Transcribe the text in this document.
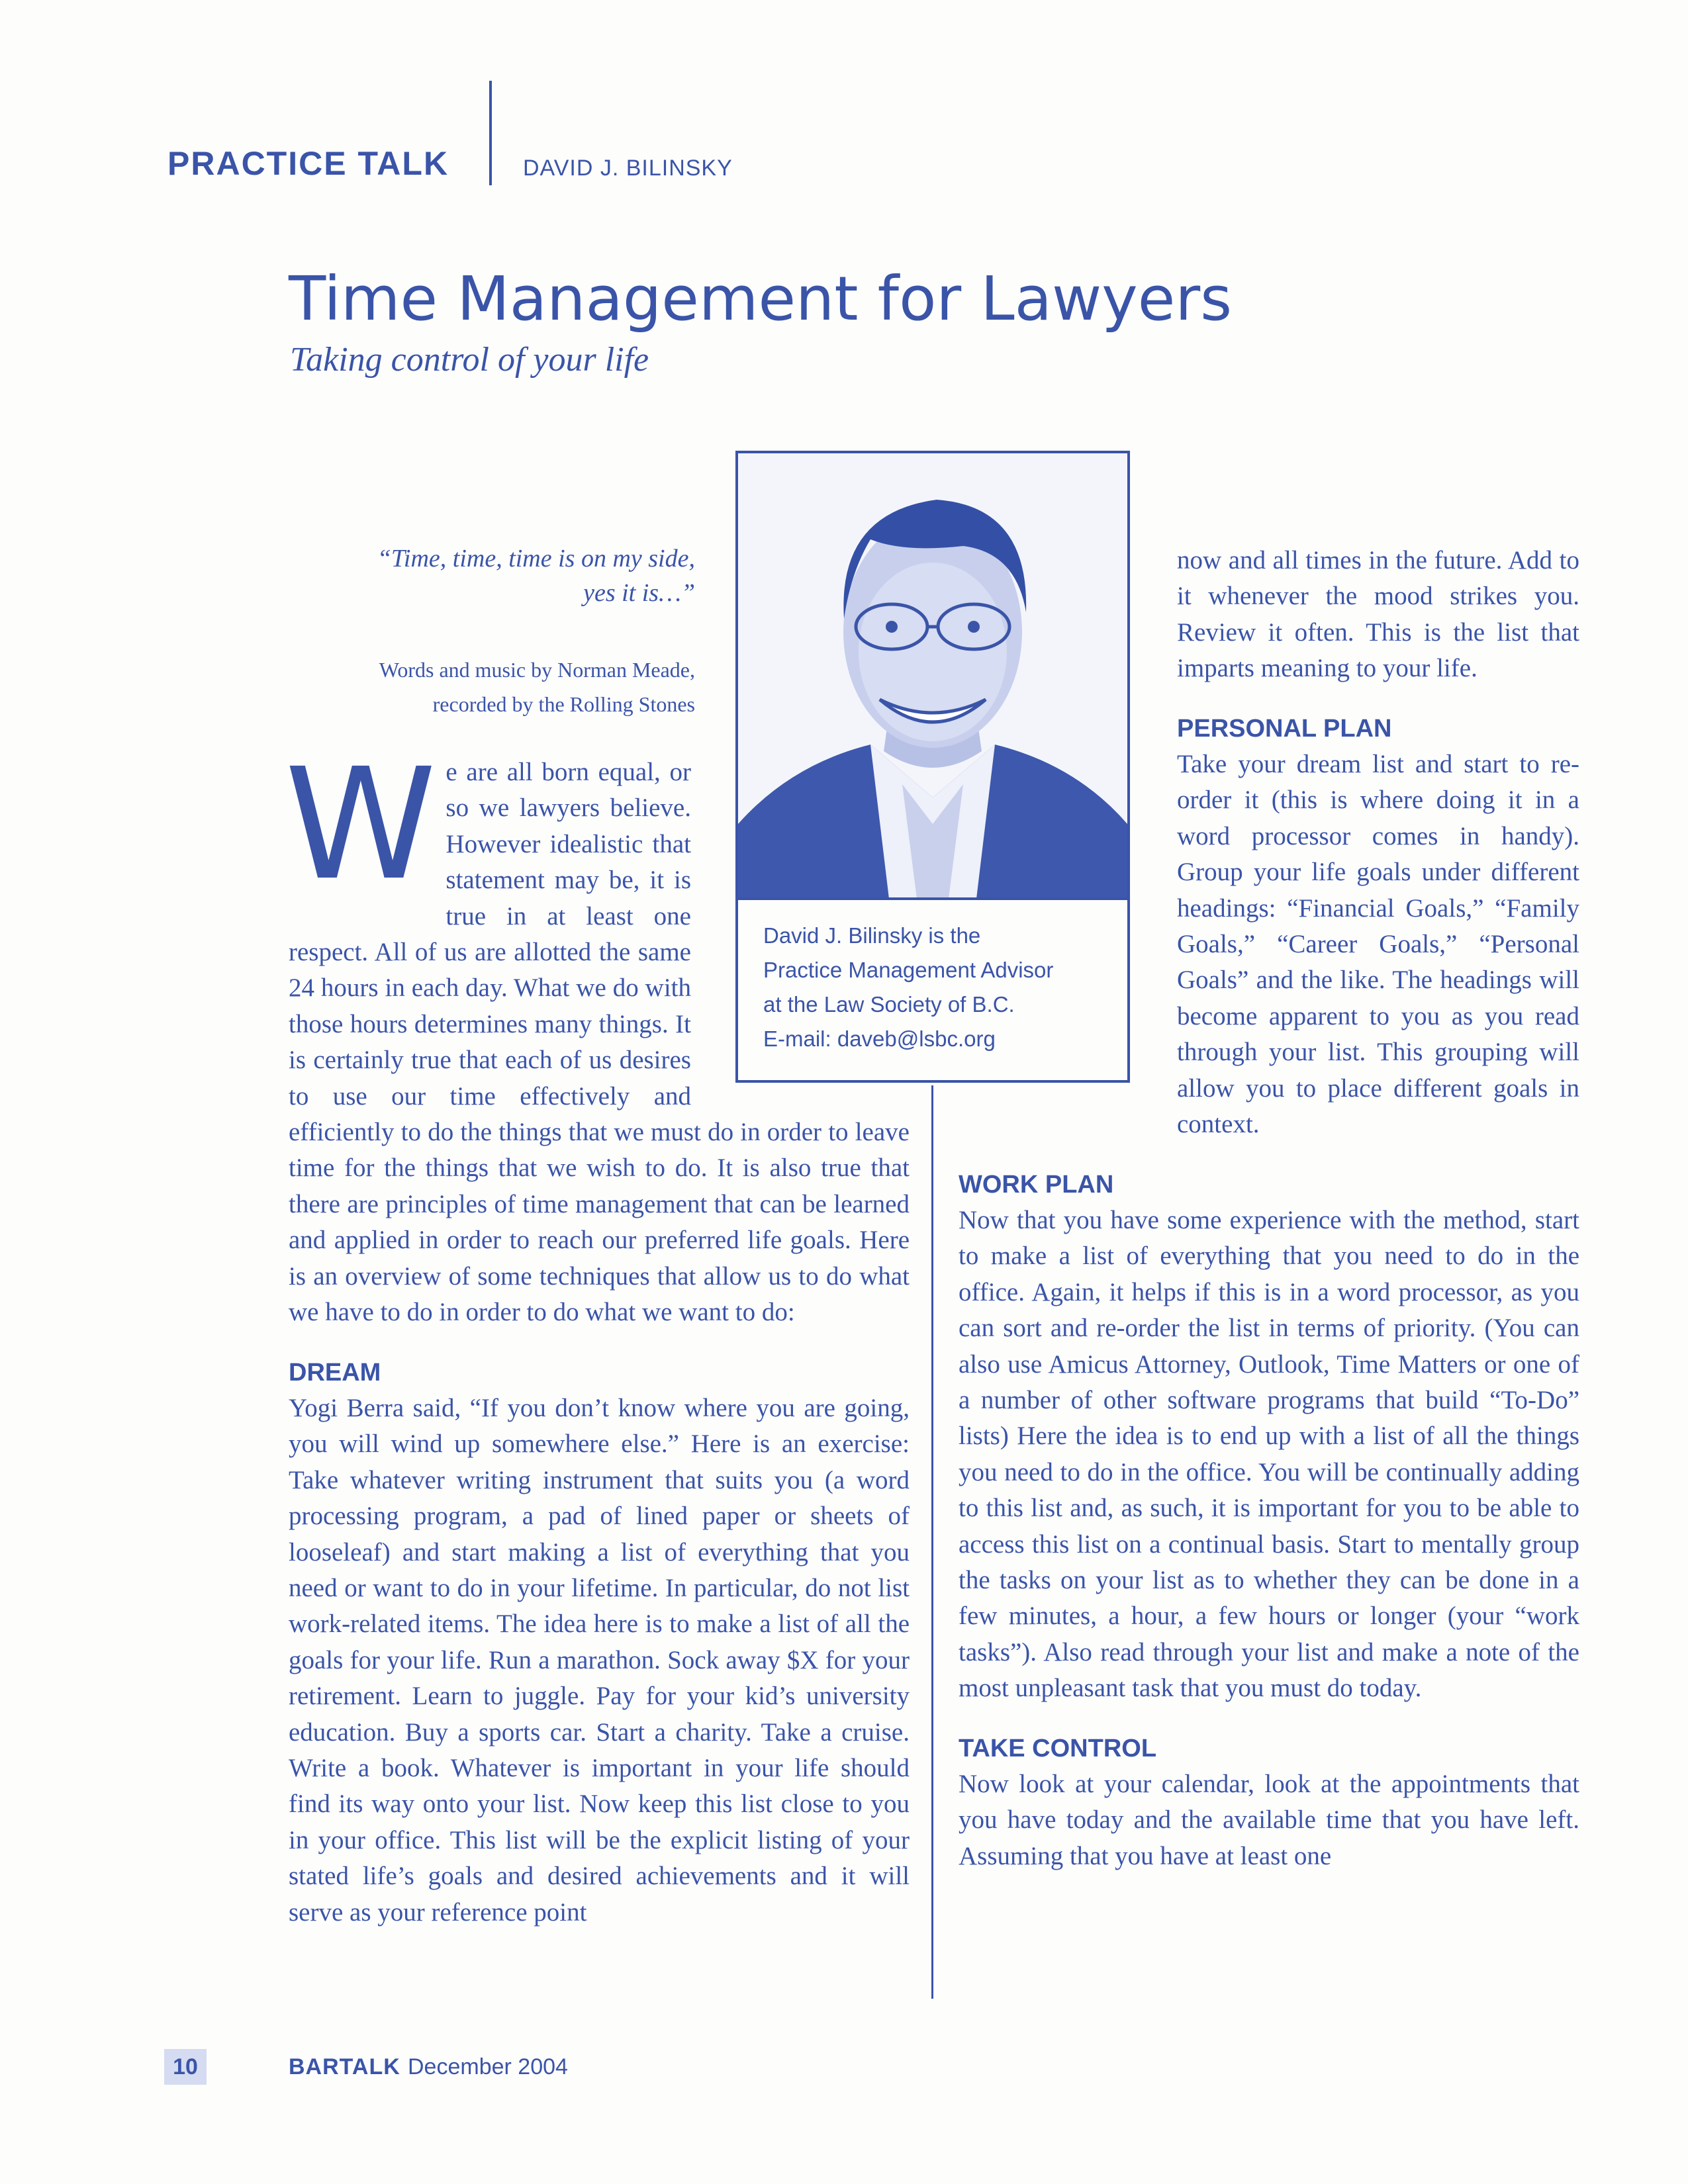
PRACTICE TALK	DAVID J. BILINSKY
Time Management for Lawyers
Taking control of your life
“Time, time, time is on my side,
yes it is…”
Words and music by Norman Meade,
recorded by the Rolling Stones
David J. Bilinsky is the
Practice Management Advisor
at the Law Society of B.C.
E-mail: daveb@lsbc.org
W e are all born equal, or so we lawyers believe. However idealistic that statement may be, it is true in at least one respect. All of us are allotted the same 24 hours in each day. What we do with those hours determines many things. It is certainly true that each of us desires to use our time effectively and efficiently to do the things that we must do in order to leave time for the things that we wish to do. It is also true that there are principles of time management that can be learned and applied in order to reach our preferred life goals. Here is an overview of some techniques that allow us to do what we have to do in order to do what we want to do:

DREAM

Yogi Berra said, “If you don’t know where you are going, you will wind up somewhere else.” Here is an exercise: Take whatever writing instrument that suits you (a word processing program, a pad of lined paper or sheets of looseleaf) and start making a list of everything that you need or want to do in your lifetime. In particular, do not list work-related items. The idea here is to make a list of all the goals for your life. Run a marathon. Sock away $X for your retirement. Learn to juggle. Pay for your kid’s university education. Buy a sports car. Start a charity. Take a cruise. Write a book. Whatever is important in your life should find its way onto your list. Now keep this list close to you in your office. This list will be the explicit listing of your stated life’s goals and desired achievements and it will serve as your reference point

now and all times in the future. Add to it whenever the mood strikes you. Review it often. This is the list that imparts meaning to your life.

PERSONAL PLAN

Take your dream list and start to re-order it (this is where doing it in a word processor comes in handy). Group your life goals under different headings: “Financial Goals,” “Family Goals,” “Career Goals,” “Personal Goals” and the like. The headings will become apparent to you as you read through your list. This grouping will allow you to place different goals in context.

WORK PLAN

Now that you have some experience with the method, start to make a list of everything that you need to do in the office. Again, it helps if this is in a word processor, as you can sort and re-order the list in terms of priority. (You can also use Amicus Attorney, Outlook, Time Matters or one of a number of other software programs that build “To-Do” lists) Here the idea is to end up with a list of all the things you need to do in the office. You will be continually adding to this list and, as such, it is important for you to be able to access this list on a continual basis. Start to mentally group the tasks on your list as to whether they can be done in a few minutes, a hour, a few hours or longer (your “work tasks”). Also read through your list and make a note of the most unpleasant task that you must do today.

TAKE CONTROL

Now look at your calendar, look at the appointments that you have today and the available time that you have left. Assuming that you have at least one

10	BARTALK December 2004
